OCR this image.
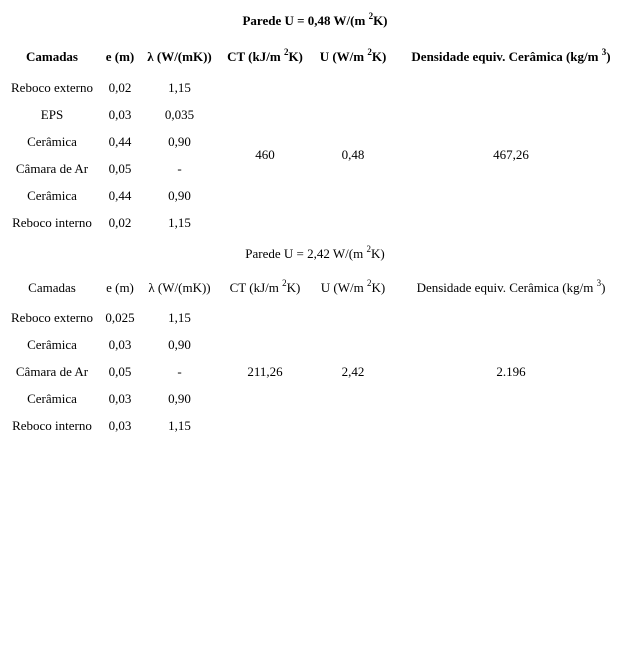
Parede U = 0,48 W/(m $^2$K)
Camadas	e (m)	λ (W/(mK))	CT (kJ/m $^2$K)	U (W/m $^2$K)	Densidade equiv. Cerâmica (kg/m $^3$)
Reboco externo	0,02	1,15	460	0,48	467,26
EPS	0,03	0,035			
Cerâmica	0,44	0,90			
Câmara de Ar	0,05	-			
Cerâmica	0,44	0,90			
Reboco interno	0,02	1,15			
Parede U = 2,42 W/(m $^2$K)
Camadas	e (m)	λ (W/(mK))	CT (kJ/m $^2$K)	U (W/m $^2$K)	Densidade equiv. Cerâmica (kg/m $^3$)
Reboco externo	0,025	1,15	211,26	2,42	2.196
Cerâmica	0,03	0,90			
Câmara de Ar	0,05	-			
Cerâmica	0,03	0,90			
Reboco interno	0,03	1,15			
